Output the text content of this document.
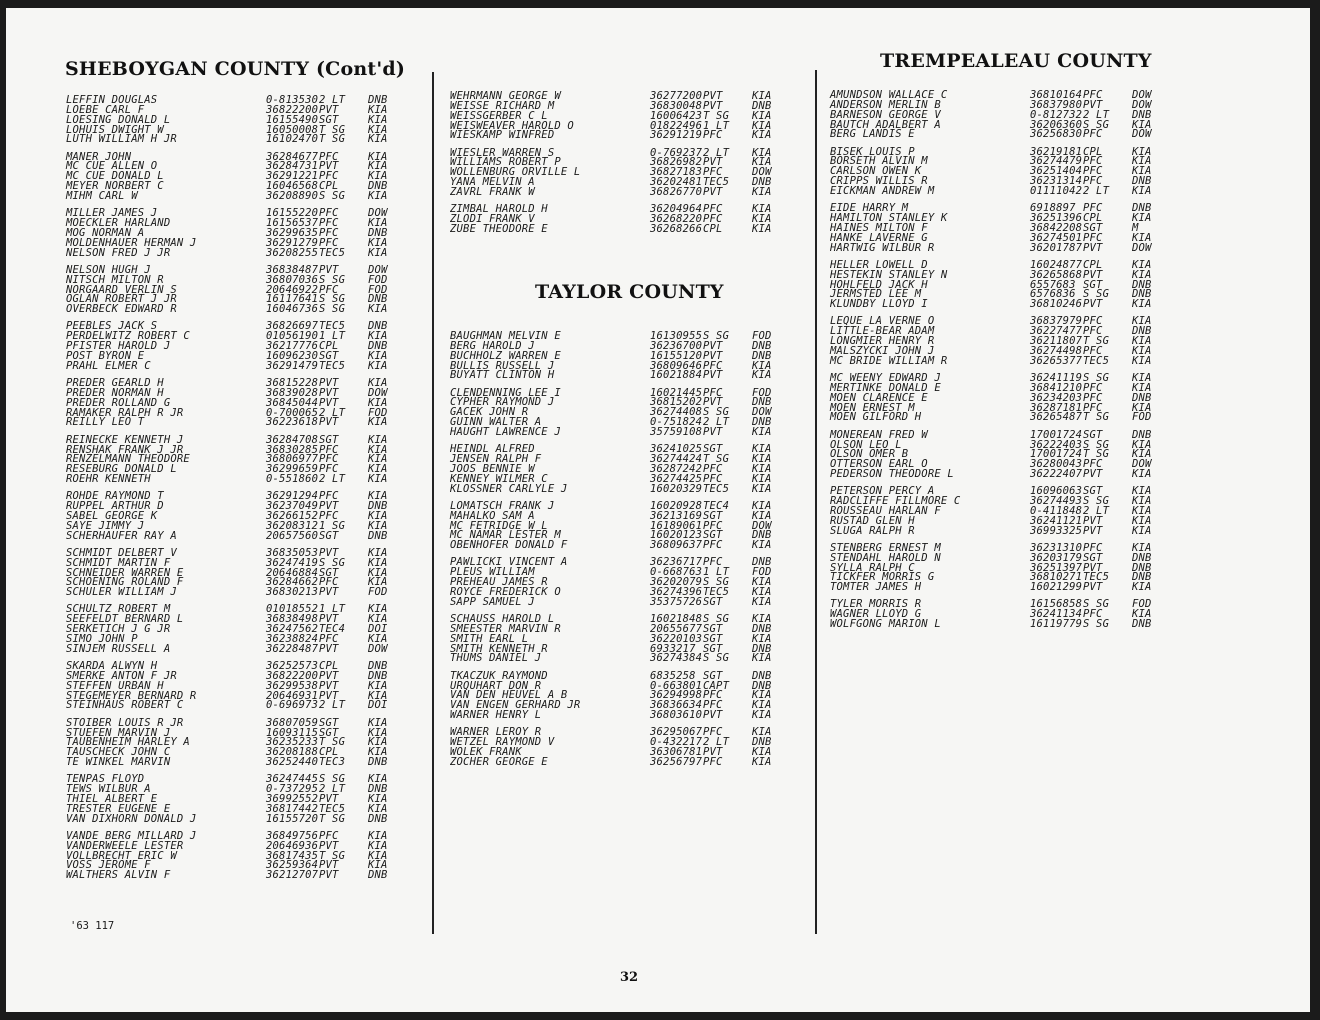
SHEBOYGAN COUNTY (Cont'd)
TAYLOR COUNTY
TREMPEALEAU COUNTY
LEFFIN DOUGLAS	0-813530 2 LT DNB
LOEBE CARL F	36822200 PVT	KIA
LOESING DONALD L	16155490 SGT	KIA
LOHUIS DWIGHT W	16050008 T SG KIA
LUTH WILLIAM H JR	16102470 T SG KIA
MANER JOHN	36284677 PFC	KIA
MC CUE ALLEN O	36284731 PVT	KIA
MC CUE DONALD L	36291221 PFC	KIA
MEYER NORBERT C	16046568 CPL	DNB
MIHM CARL W	36208890 S SG KIA
MILLER JAMES J	16155220 PFC	DOW
MOECKLER HARLAND	16156537 PFC	KIA
MOG NORMAN A	36299635 PFC	DNB
MOLDENHAUER HERMAN J	36291279 PFC	KIA
NELSON FRED J JR	36208255 TEC5 KIA
NELSON HUGH J	36838487 PVT	DOW
NITSCH MILTON R	36807036 S SG FOD
NORGAARD VERLIN S	20646922 PFC	FOD
OGLAN ROBERT J JR	16117641 S SG DNB
OVERBECK EDWARD R	16046736 S SG KIA
PEEBLES JACK S	36826697 TEC5 DNB
PERDELWITZ ROBERT C	01056190 1 LT KIA
PFISTER HAROLD J	36217776 CPL	DNB
POST BYRON E	16096230 SGT	KIA
PRAHL ELMER C	36291479 TEC5 KIA
PREDER GEARLD H	36815228 PVT	KIA
PREDER NORMAN H	36839028 PVT	DOW
PREDER ROLLAND G	36845044 PVT	KIA
RAMAKER RALPH R JR	0-700065 2 LT FOD
REILLY LEO T	36223618 PVT	KIA
REINECKE KENNETH J	36284708 SGT	KIA
RENSHAK FRANK J JR	36830285 PFC	KIA
RENZELMANN THEODORE	36806977 PFC	KIA
RESEBURG DONALD L	36299659 PFC	KIA
ROEHR KENNETH	0-551860 2 LT KIA
ROHDE RAYMOND T	36291294 PFC	KIA
RUPPEL ARTHUR D	36237049 PVT	DNB
SABEL GEORGE K	36266152 PFC	KIA
SAYE JIMMY J	36208312 1 SG KIA
SCHERHAUFER RAY A	20657560 SGT	DNB
SCHMIDT DELBERT V	36835053 PVT	KIA
SCHMIDT MARTIN F	36247419 S SG KIA
SCHNEIDER WARREN E	20646884 SGT	KIA
SCHOENING ROLAND F	36284662 PFC	KIA
SCHULER WILLIAM J	36830213 PVT	FOD
SCHULTZ ROBERT M	01018552 1 LT KIA
SEEFELDT BERNARD L	36838498 PVT	KIA
SERKETICH J G JR	36247562 TEC4 DOI
SIMO JOHN P	36238824 PFC	KIA
SINJEM RUSSELL A	36228487 PVT	DOW
SKARDA ALWYN H	36252573 CPL	DNB
SMERKE ANTON F JR	36822200 PVT	DNB
STEFFEN URBAN H	36299538 PVT	KIA
STEGEMEYER BERNARD R	20646931 PVT	KIA
STEINHAUS ROBERT C	0-696973 2 LT DOI
STOIBER LOUIS R JR	36807059 SGT	KIA
STUEFEN MARVIN J	16093115 SGT	KIA
TAUBENHEIM HARLEY A	36235233 T SG KIA
TAUSCHECK JOHN C	36208188 CPL	KIA
TE WINKEL MARVIN	36252440 TEC3 DNB
TENPAS FLOYD	36247445 S SG KIA
TEWS WILBUR A	0-737295 2 LT DNB
THIEL ALBERT E	36992552 PVT	KIA
TRESTER EUGENE E	36817442 TEC5 KIA
VAN DIXHORN DONALD J	16155720 T SG DNB
VANDE BERG MILLARD J	36849756 PFC	KIA
VANDERWEELE LESTER	20646936 PVT	KIA
VOLLBRECHT ERIC W	36817435 T SG KIA
VOSS JEROME F	36259364 PVT	KIA
WALTHERS ALVIN F	36212707 PVT	DNB
WEHRMANN GEORGE W	36277200 PVT	KIA
WEISSE RICHARD M	36830048 PVT	DNB
WEISSGERBER C L	16006423 T SG KIA
WEISWEAVER HAROLD O	01822496 1 LT KIA
WIESKAMP WINFRED	36291219 PFC	KIA
WIESLER WARREN S	0-769237 2 LT KIA
WILLIAMS ROBERT P	36826982 PVT	KIA
WOLLENBURG ORVILLE L	36827183 PFC	DOW
YANA MELVIN A	36202481 TEC5 DNB
ZAVRL FRANK W	36826770 PVT	KIA
ZIMBAL HAROLD H	36204964 PFC	KIA
ZLODI FRANK V	36268220 PFC	KIA
ZUBE THEODORE E	36268266 CPL	KIA
BAUGHMAN MELVIN E	16130955 S SG FOD
BERG HAROLD J	36236700 PVT	DNB
BUCHHOLZ WARREN E	16155120 PVT	DNB
BULLIS RUSSELL J	36809646 PFC	KIA
BUYATT CLINTON H	16021884 PVT	KIA
CLENDENNING LEE I	16021445 PFC	FOD
CYPHER RAYMOND J	36815202 PVT	DNB
GACEK JOHN R	36274408 S SG DOW
GUINN WALTER A	0-751824 2 LT DNB
HAUGHT LAWRENCE J	35759108 PVT	KIA
HEINDL ALFRED	36241025 SGT	KIA
JENSEN RALPH F	36274424 T SG KIA
JOOS BENNIE W	36287242 PFC	KIA
KENNEY WILMER C	36274425 PFC	KIA
KLOSSNER CARLYLE J	16020329 TEC5 KIA
LOMATSCH FRANK J	16020928 TEC4 KIA
MAHALKO SAM A	36213169 SGT	KIA
MC FETRIDGE W L	16189061 PFC	DOW
MC NAMAR LESTER M	16020123 SGT	DNB
OBENHOFER DONALD F	36809637 PFC	KIA
PAWLICKI VINCENT A	36236717 PFC	DNB
PLEUS WILLIAM	0-668763 1 LT FOD
PREHEAU JAMES R	36202079 S SG KIA
ROYCE FREDERICK O	36274396 TEC5 KIA
SAPP SAMUEL J	35375726 SGT	KIA
SCHAUSS HAROLD L	16021848 S SG KIA
SMEESTER MARVIN R	20655677 SGT	DNB
SMITH EARL L	36220103 SGT	KIA
SMITH KENNETH R	6933217 SGT	DNB
THUMS DANIEL J	36274384 S SG KIA
TKACZUK RAYMOND	6835258 SGT	DNB
URQUHART DON R	0-663801 CAPT DNB
VAN DEN HEUVEL A B	36294998 PFC	KIA
VAN ENGEN GERHARD JR	36836634 PFC	KIA
WARNER HENRY L	36803610 PVT	KIA
WARNER LEROY R	36295067 PFC	KIA
WETZEL RAYMOND V	0-432217 2 LT DNB
WOLEK FRANK	36306781 PVT	KIA
ZOCHER GEORGE E	36256797 PFC	KIA
AMUNDSON WALLACE C	36810164 PFC	DOW
ANDERSON MERLIN B	36837980 PVT	DOW
BARNESON GEORGE V	0-812732 2 LT DNB
BAUTCH ADALBERT A	36206360 S SG KIA
BERG LANDIS E	36256830 PFC	DOW
BISEK LOUIS P	36219181 CPL	KIA
BORSETH ALVIN M	36274479 PFC	KIA
CARLSON OWEN K	36251404 PFC	KIA
CRIPPS WILLIS R	36231314 PFC	DNB
EICKMAN ANDREW M	01111042 2 LT KIA
EIDE HARRY M	6918897 PFC	DNB
HAMILTON STANLEY K	36251396 CPL	KIA
HAINES MILTON F	36842208 SGT	M
HANKE LAVERNE G	36274501 PFC	KIA
HARTWIG WILBUR R	36201787 PVT	DOW
HELLER LOWELL D	16024877 CPL	KIA
HESTEKIN STANLEY N	36265868 PVT	KIA
HOHLFELD JACK H	6557683 SGT	DNB
JERMSTED LEE M	6576836 S SG DNB
KLUNDBY LLOYD I	36810246 PVT	KIA
LEQUE LA VERNE O	36837979 PFC	KIA
LITTLE-BEAR ADAM	36227477 PFC	DNB
LONGMIER HENRY R	36211807 T SG KIA
MALSZYCKI JOHN J	36274498 PFC	KIA
MC BRIDE WILLIAM R	36265377 TEC5 KIA
MC WEENY EDWARD J	36241119 S SG KIA
MERTINKE DONALD E	36841210 PFC	KIA
MOEN CLARENCE E	36234203 PFC	DNB
MOEN ERNEST M	36287181 PFC	KIA
MOEN GILFORD H	36265487 T SG FOD
MONEREAN FRED W	17001724 SGT	DNB
OLSON LEO L	36222403 S SG KIA
OLSON OMER B	17001724 T SG KIA
OTTERSON EARL O	36280043 PFC	DOW
PEDERSON THEODORE L	36222407 PVT	KIA
PETERSON PERCY A	16096063 SGT	KIA
RADCLIFFE FILLMORE C	36274493 S SG KIA
ROUSSEAU HARLAN F	0-411848 2 LT KIA
RUSTAD GLEN H	36241121 PVT	KIA
SLUGA RALPH R	36993325 PVT	KIA
STENBERG ERNEST M	36231310 PFC	KIA
STENDAHL HAROLD N	36203179 SGT	DNB
SYLLA RALPH C	36251397 PVT	DNB
TICKFER MORRIS G	36810271 TEC5 DNB
TOMTER JAMES H	16021299 PVT	KIA
TYLER MORRIS R	16156858 S SG FOD
WAGNER LLOYD G	36241134 PFC	KIA
WOLFGONG MARION L	16119779 S SG DNB
'63 117
32
